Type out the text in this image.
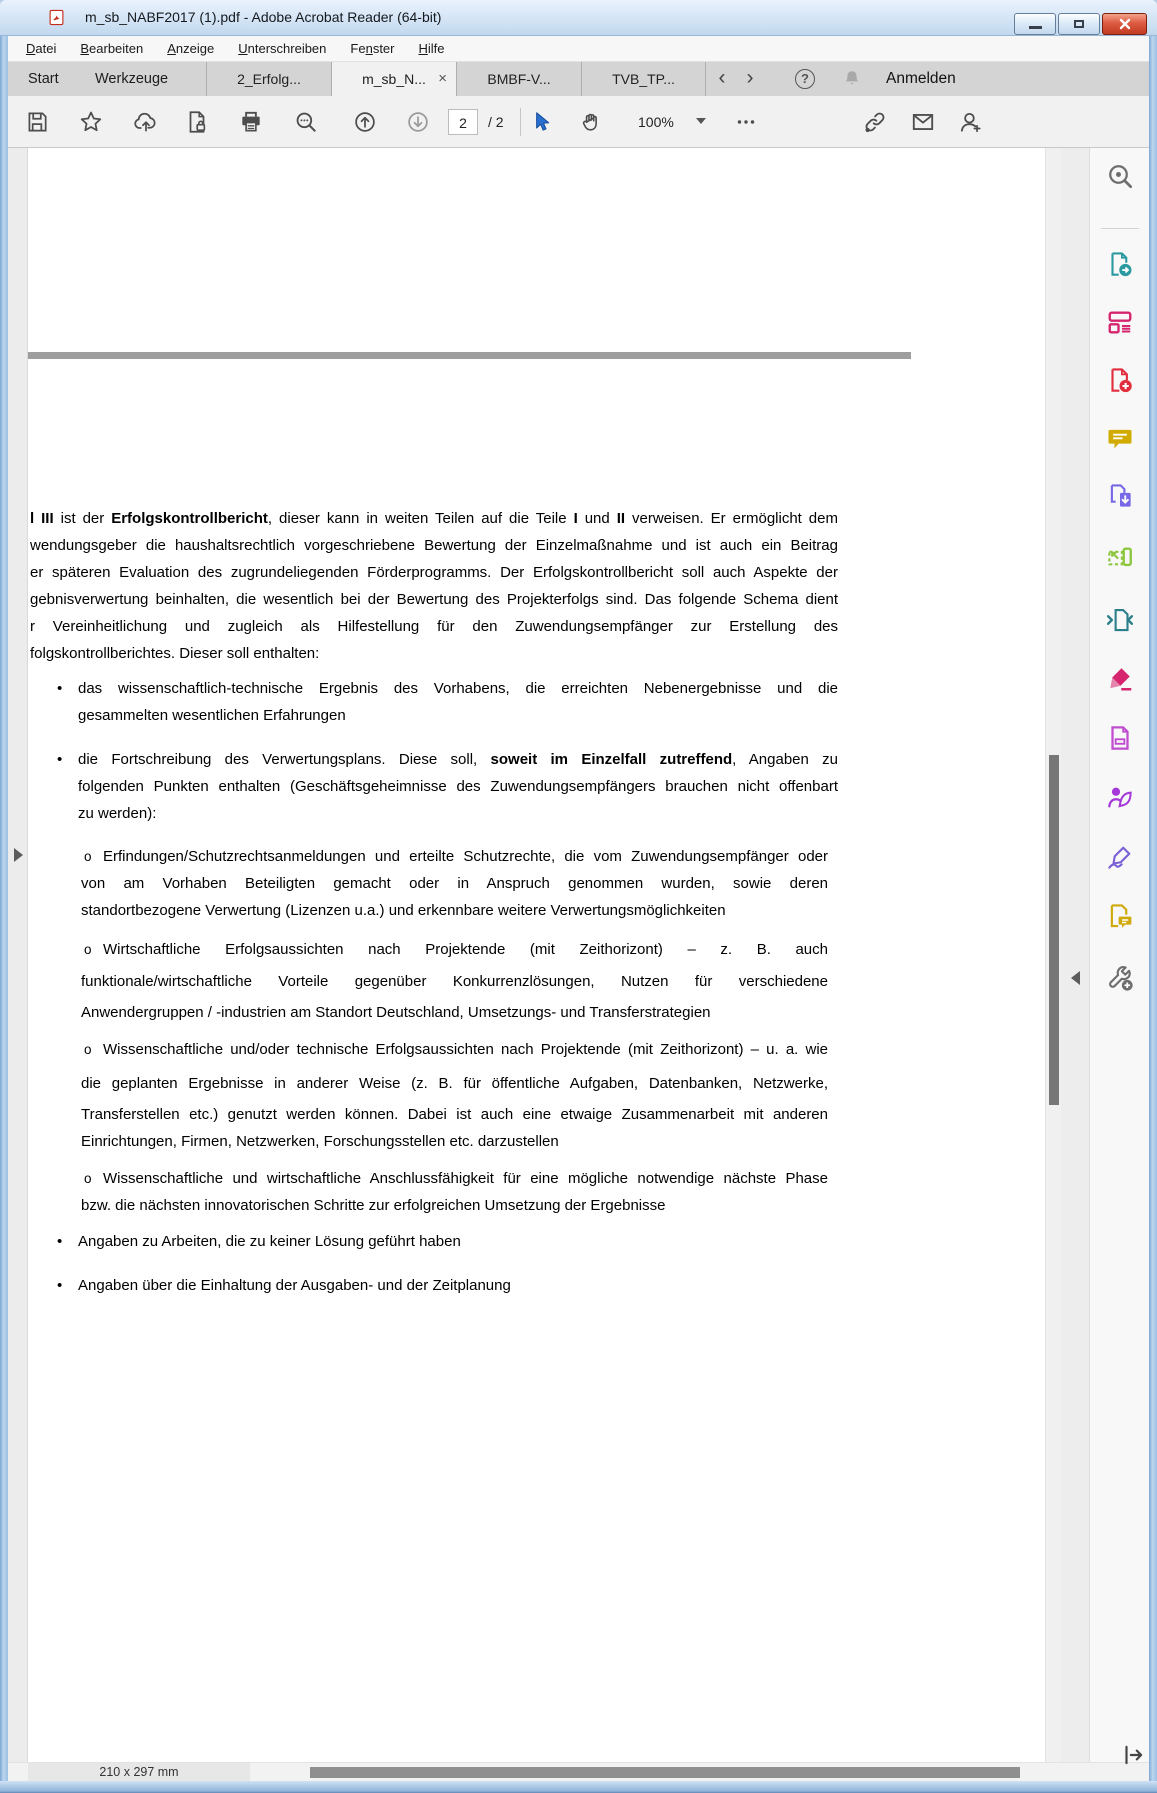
m_sb_NABF2017 (1).pdf - Adobe Acrobat Reader (64-bit)
Datei Bearbeiten Anzeige Unterschreiben Fenster Hilfe
Start	Werkzeuge	2_Erfolg...	m_sb_N... ×	BMBF-V...	TVB_TP...	‹	›	?	Anmelden
2	/ 2	100%
l III ist der Erfolgskontrollbericht, dieser kann in weiten Teilen auf die Teile I und II verweisen. Er ermöglicht dem
wendungsgeber die haushaltsrechtlich vorgeschriebene Bewertung der Einzelmaßnahme und ist auch ein Beitrag
er späteren Evaluation des zugrundeliegenden Förderprogramms. Der Erfolgskontrollbericht soll auch Aspekte der
gebnisverwertung beinhalten, die wesentlich bei der Bewertung des Projekterfolgs sind. Das folgende Schema dient
r Vereinheitlichung und zugleich als Hilfestellung für den Zuwendungsempfänger zur Erstellung des
folgskontrollberichtes. Dieser soll enthalten:
• das wissenschaftlich-technische Ergebnis des Vorhabens, die erreichten Nebenergebnisse und die
gesammelten wesentlichen Erfahrungen
• die Fortschreibung des Verwertungsplans. Diese soll, soweit im Einzelfall zutreffend, Angaben zu
folgenden Punkten enthalten (Geschäftsgeheimnisse des Zuwendungsempfängers brauchen nicht offenbart
zu werden):
o Erfindungen/Schutzrechtsanmeldungen und erteilte Schutzrechte, die vom Zuwendungsempfänger oder
von am Vorhaben Beteiligten gemacht oder in Anspruch genommen wurden, sowie deren
standortbezogene Verwertung (Lizenzen u.a.) und erkennbare weitere Verwertungsmöglichkeiten
o Wirtschaftliche Erfolgsaussichten nach Projektende (mit Zeithorizont) – z. B. auch
funktionale/wirtschaftliche Vorteile gegenüber Konkurrenzlösungen, Nutzen für verschiedene
Anwendergruppen / -industrien am Standort Deutschland, Umsetzungs- und Transferstrategien
o Wissenschaftliche und/oder technische Erfolgsaussichten nach Projektende (mit Zeithorizont) – u. a. wie
die geplanten Ergebnisse in anderer Weise (z. B. für öffentliche Aufgaben, Datenbanken, Netzwerke,
Transferstellen etc.) genutzt werden können. Dabei ist auch eine etwaige Zusammenarbeit mit anderen
Einrichtungen, Firmen, Netzwerken, Forschungsstellen etc. darzustellen
o Wissenschaftliche und wirtschaftliche Anschlussfähigkeit für eine mögliche notwendige nächste Phase
bzw. die nächsten innovatorischen Schritte zur erfolgreichen Umsetzung der Ergebnisse
• Angaben zu Arbeiten, die zu keiner Lösung geführt haben
• Angaben über die Einhaltung der Ausgaben- und der Zeitplanung
210 x 297 mm
